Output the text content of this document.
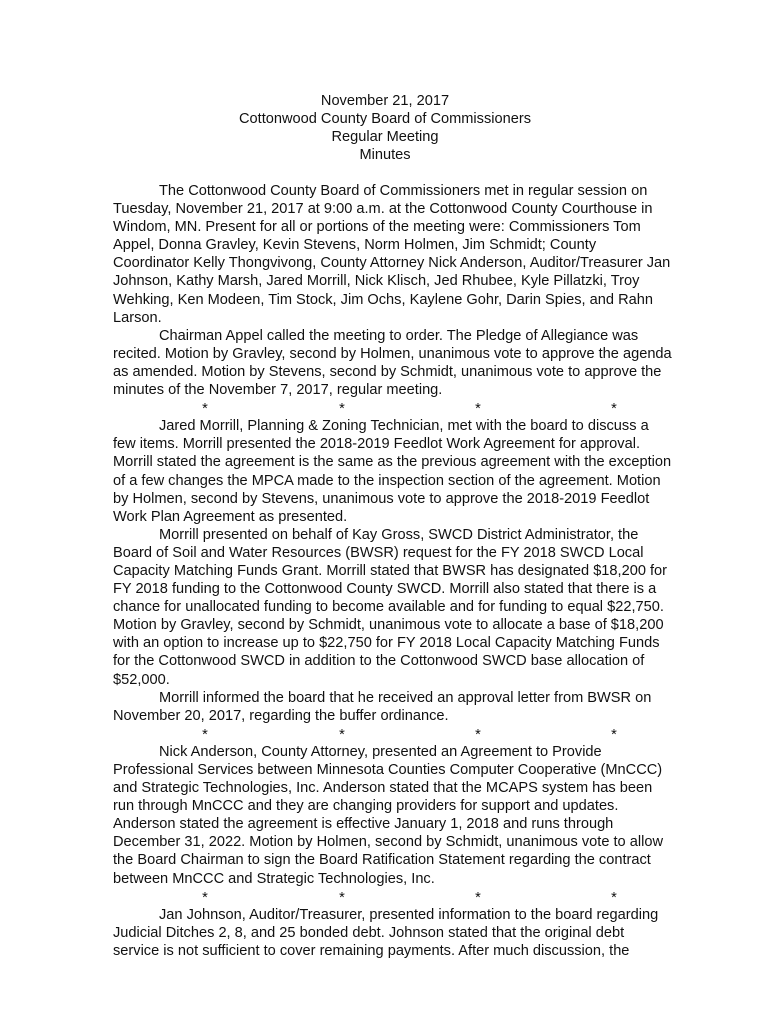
November 21, 2017
Cottonwood County Board of Commissioners
Regular Meeting
Minutes

The Cottonwood County Board of Commissioners met in regular session on Tuesday, November 21, 2017 at 9:00 a.m. at the Cottonwood County Courthouse in Windom, MN. Present for all or portions of the meeting were: Commissioners Tom Appel, Donna Gravley, Kevin Stevens, Norm Holmen, Jim Schmidt; County Coordinator Kelly Thongvivong, County Attorney Nick Anderson, Auditor/Treasurer Jan Johnson, Kathy Marsh, Jared Morrill, Nick Klisch, Jed Rhubee, Kyle Pillatzki, Troy Wehking, Ken Modeen, Tim Stock, Jim Ochs, Kaylene Gohr, Darin Spies, and Rahn Larson.

Chairman Appel called the meeting to order. The Pledge of Allegiance was recited. Motion by Gravley, second by Holmen, unanimous vote to approve the agenda as amended. Motion by Stevens, second by Schmidt, unanimous vote to approve the minutes of the November 7, 2017, regular meeting.

*	*	*	*

Jared Morrill, Planning & Zoning Technician, met with the board to discuss a few items. Morrill presented the 2018-2019 Feedlot Work Agreement for approval. Morrill stated the agreement is the same as the previous agreement with the exception of a few changes the MPCA made to the inspection section of the agreement. Motion by Holmen, second by Stevens, unanimous vote to approve the 2018-2019 Feedlot Work Plan Agreement as presented.

Morrill presented on behalf of Kay Gross, SWCD District Administrator, the Board of Soil and Water Resources (BWSR) request for the FY 2018 SWCD Local Capacity Matching Funds Grant. Morrill stated that BWSR has designated $18,200 for FY 2018 funding to the Cottonwood County SWCD. Morrill also stated that there is a chance for unallocated funding to become available and for funding to equal $22,750. Motion by Gravley, second by Schmidt, unanimous vote to allocate a base of $18,200 with an option to increase up to $22,750 for FY 2018 Local Capacity Matching Funds for the Cottonwood SWCD in addition to the Cottonwood SWCD base allocation of $52,000.

Morrill informed the board that he received an approval letter from BWSR on November 20, 2017, regarding the buffer ordinance.

*	*	*	*

Nick Anderson, County Attorney, presented an Agreement to Provide Professional Services between Minnesota Counties Computer Cooperative (MnCCC) and Strategic Technologies, Inc. Anderson stated that the MCAPS system has been run through MnCCC and they are changing providers for support and updates. Anderson stated the agreement is effective January 1, 2018 and runs through December 31, 2022. Motion by Holmen, second by Schmidt, unanimous vote to allow the Board Chairman to sign the Board Ratification Statement regarding the contract between MnCCC and Strategic Technologies, Inc.

*	*	*	*

Jan Johnson, Auditor/Treasurer, presented information to the board regarding Judicial Ditches 2, 8, and 25 bonded debt. Johnson stated that the original debt service is not sufficient to cover remaining payments. After much discussion, the
